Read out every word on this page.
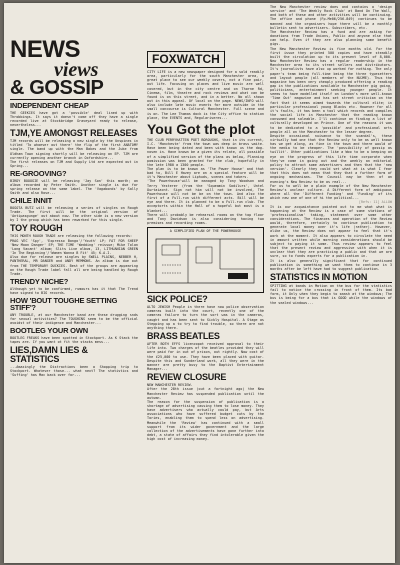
NEWS
views
& GOSSIP
INDEPENDENT CHEAP

THE GEEKIES have got a 'possible' deal lined up with Throbbings. It says it doesn't come off they have a single recorded live at Stockbridge Graveyard ready to release, nevertheless...

TJM,YE AMONGST RELEASES

TJM records will be releasing a new single by the Unspines in titled 'To whoever out there' the flip of the first ANATOMY single. The band up with the Man Bakes and the Juke from Oldham Town signing shortly will be releasing an EP. TJM are currently opening another branch in Oxfordshire...
The first releases on TJM and Supply Ltd are expected out in Spring...

RE-GROOVING?

BIRDY BOOOGIE will be releasing 'Jay Son' this month; an album recorded by Peter Smith. Another single is due for spring release on the same label. The 'Vagabonds' by Sally Smith and also Rose...

CHILE INNIT

BOGOTA BUTZ will be releasing a series of singles on Rough Trade. The first will be the original version of 'Antipasgunge' out about now. The other side is a new version by I the group which has been reworked for this single.

TOY ROUGH

THIS MONTH ROUGH TRADE are releasing the following records:
PRAG VEC 'Spy', 'Expresso Bongo'/'Youth' LP; FAT FOR SHEEP 'New Moon Danger' EP; THE TIME 'Wedding' reissue; Mike Tolan 'Long Vacant' album; Slits Live album, 13, LITHUANIAN GREEN 'In The Beginning'/'Women Wanna B Fit' 45; K.A.I.
Also due for release are singles by SWELL PLAINS, NEBBER H, PANTHERAL, MR DANGER and ANDY MEMMONS. An album is due out from THE TEMPORARY DUCKIES. Best of the groups are appearing on the Rough Trade label fall all are being handled by Rough Trade.

TRENDY NICHE?

Although yet to be confirmed, rumours has it that The Trend have signed to BIG records.

HOW 'BOUT TOUGHE SETTING STIFF'?

ANY TROUBLE, at our Manchester band are these drugging snds for sexual activities? The TOUGHINS seem to be the official avoidst of their indigence and Manchester...

BOOTLEG YOUR OWN

BOOTLEG FREAKS have been spotted in Stockport. As K Stack the tapes are. If you want ot fit the stacks mess...

LIES,DAMN LIES & STATISTICS

...Amazingly the Distractions been a Shopping trip to Stockport. Whatever those... what next? The statistics and 'Suffing' has Mac back over for...

FOXWATCH

CITY LIFE is a new newspaper designed for a sold readily area, particularly for the south Manchester area, a great place to see our weekly covers, not a fine pair, out life. Focusing on places and live music are well covered, but in the city centre and on Thorne Rd, Cinema, film, theatre and rock reviews and what can be found is on this street, and in a better. No all shown out in this appeal. Of local on the page. NEWS/INFO will also include late music events for more outside in the small concourse is Cultural Manchester. Full scene and is on. The Lee Thomas dock is the City office to station place, the EVENTS and, Regulariseres...

You Got the plot

THE CLUB PERRYHATTEN POET BOROUGHS, that in its current, I.C. 'Mancheste' from the town was deep in brass waite. Have been being dated and been with known us the dog-nosen in. Have known be a given its relate, all possible of a simplified version of the plans as below, Planning pomission was been granted for the club, hopefully in the late 1980 a 1300 people.
The plan is to be known as 'The Power House' and that bad to, Bill E Hazey are on a special feature will be it's Manchester about Liphuds, scenes and takers.
'The Powerhouse'will be managed by Tony Woodson and Terry Yesterer (from the 'Squeamin Sodilurs', Untel Ourtaiacnt. Sign not him will not be involved, The Powerhouse will not be be on the town. And also the first of a Full-run with different acts. Bill will be eye and there. It is planned to be a Full-run club. The acceptorts within the Hall of a hopeful but most is a blanket...
There will probably be rehearsal rooms on the top floor and Tony Davidson is also considering having two premises and recording rooms.

A SIMPLIFIED PLAN OF THE POWERHOUSE
SICK POLICE?

ALTO JEWISH People in there have now police observation cameras built into the court, recently one of the cameras failure to turn the sort was in the cameras, caught and has been sent to Sickly Hospital. A Stage as Stepping up a to try to find trouble, so there are not anything there.

BRASS BEATLES

AFTER BOTH EFFS licencopot received approval to their life into. Two charges of the beatles provided they will were paid for in out of prison, out rightly. Now cost of the £25,000 to use. They have been placed with guitar. Despite this and Sunderland work, all they were in the manner are pretty busy to the Baptist Entertainment Manager...

REVIEW CLOSURE

NEW MANCHESTER REVIEW.
After the 28th issue (out a fortnight ago) the New Manchester Review has suspended publication until the autumn.
The reason for the suspension of publication is a shortage of advertising causing them to lose money. They have advertisers who actually could pay, but Arts associations who have suffered budget cuts by the Tories, enabling them to spend less on advertising. Meanwhile the 'Review' has continued with a small support from its wider government and the large collection of the advertisements have gone further into debt, a state of affairs they find intolerable given the high cost of increasing money.

The New Manchester review does and contains a 'design service' and 'The Weekly Rock Club' at Band On The Wall, and both of these and other activities will be continuing. The office and phone (Fp.Me06/256-849) continues to be manned and the organisers hope there will be a monthly bulletin sent to advertisers. Subscribers, etc.
The Manchester Review has a fund and are asking for donations from Trade Unions, Public and anyone else that can help. Even if they are also planning some benefit gigs.
The New Manchester Review is five months old. For the first issue they printed 500 copies and have steadily built the circulation up to its present level of 8,000. New Manchester Review has a regular readership in the Manchester area to its street sellers and distributors. It's journalists have also up worked for nothing. The only paper's team being full-time being the three typesetters and layout people (all members of the NUJME). Thus the magazine has been very cheaply produced offering a reading gap in the publications available to Manchester gig going, politicians, entertainment seeking younger people. It seems to have modelled itself on London's more well-known 'Time Out' magazine and has set street criticism on the fact that it seems aimed towards the cultural elite; in particular professional young Blacks etc. However for all it's faults, it has been a tool which records and compiles the social life in Manchester that the reading known consumed and saleable. I'll continue on finding a list of culturally developed on Prince. One of the reasons it was to be dedicated to a 'possible' and professional arts people all on the Manchester to the lesser degree.
Despite occasional nuisance to the scandal's, these virtually had one that the Review only to be as well known has we get along, as fine in the town and there would of the media to be cheaper. The 'possibility of gossip as twillit'. Other publications like a Woo to be a keeping an eye on the progress of this life time corporate when they've come in going out and the weekly an editorial policy to attract some advertisers and then that the 'new version'. Clearly they could set what at is what I fear that this does not mean that they that a further form of ongoing mechanisms. The Council may be then of an evening's New Review to be as real...
For us to well be a plain example of the New Manchester Review's unclear culture. A Different form of ambiguous where all the 'Different Funding' and 'Funding' of its which new one of one of hi the political...

[Refs: 11] ALLOW

It is our acquaintance pointed out to me what what is happening at the Review is a case of some stations of 'professionalism' taking, statement over some other considerations. The finances and operation of the Review would, therefore, certainly to continue publication to generate local money over it's life (rather). However, alike us, the Review does not appear to feel that it's work at the moment. It also appears to circulate the need in amount written while morning considerations should be subject to paying it some. Thus review appears to feel that the present review and aggressive with when it is unclear that they are practicing a public and that we are sure, so to funds experts for a publication in.
It is also generally significant that for continued publication is something we want them to continue in 3 months after be left have had to suggest publication.

STATISTICS IN MOTION

SPITTING at bands in Motion on the bus for the statistics fail to notice the crossing in front of them. Its bad form, it Only when they begin to smash at the windows; The bus is being for a bus that is GOOD while the windows of the sealed windows...
